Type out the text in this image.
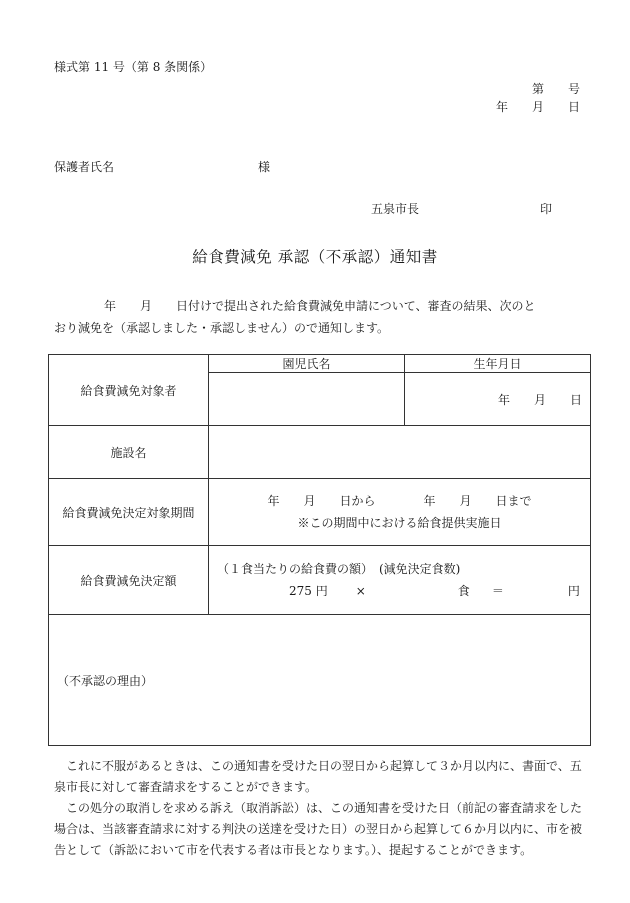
様式第 11 号（第 8 条関係）
第　　号
年　　月　　日
保護者氏名	様
五泉市長	印
給食費減免 承認（不承認）通知書

年　　月　　日付けで提出された給食費減免申請について、審査の結果、次のと

おり減免を（承認しました・承認しません）ので通知します。

給食費減免対象者	園児氏名	生年月日
		年　　月　　日
施設名		
給食費減免決定対象期間	年　　月　　日から　　　　年　　月　　日まで
※この期間中における給食提供実施日	

給食費減免決定額	（１食当たりの給食費の額）　(減免決定食数)
275 円 × 食 ＝ 円	

（不承認の理由）		

これに不服があるときは、この通知書を受けた日の翌日から起算して３か月以内に、書面で、五泉市長に対して審査請求をすることができます。

この処分の取消しを求める訴え（取消訴訟）は、この通知書を受けた日（前記の審査請求をした場合は、当該審査請求に対する判決の送達を受けた日）の翌日から起算して６か月以内に、市を被告として（訴訟において市を代表する者は市長となります。）、提起することができます。
